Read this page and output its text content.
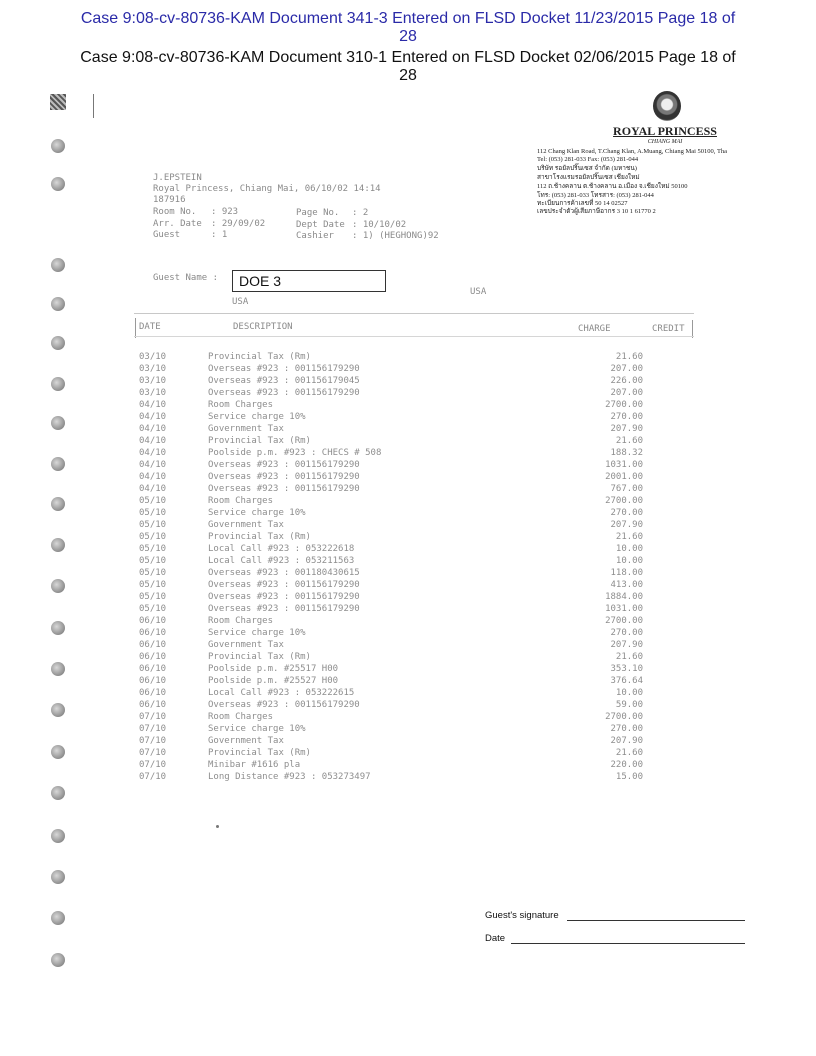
Case 9:08-cv-80736-KAM Document 341-3 Entered on FLSD Docket 11/23/2015 Page 18 of
28
Case 9:08-cv-80736-KAM Document 310-1 Entered on FLSD Docket 02/06/2015 Page 18 of
28
ROYAL PRINCESS
CHIANG MAI
112 Chang Klan Road, T.Chang Klan, A.Muang, Chiang Mai 50100, Tha
Tel: (053) 281-033 Fax: (053) 281-044
บริษัท รอยัลปริ๊นเซส จำกัด (มหาชน)
สาขาโรงแรมรอยัลปริ๊นเซส เชียงใหม่
112 ถ.ช้างคลาน ต.ช้างคลาน อ.เมือง จ.เชียงใหม่ 50100
โทร: (053) 281-033 โทรสาร: (053) 281-044
ทะเบียนการค้าเลขที่ 50 14 02527
เลขประจำตัวผู้เสียภาษีอากร 3 10 1 61770 2
J.EPSTEIN
Royal Princess, Chiang Mai, 06/10/02 14:14
187916
Room No. : 923	Page No. : 2
Arr. Date : 29/09/02	Dept Date : 10/10/02
Guest	: 1	Cashier : 1) (HEGHONG)92
Guest Name :	DOE 3
USA
USA
DATE	DESCRIPTION	CHARGE	CREDIT
03/10	Provincial Tax (Rm)	21.60
03/10	Overseas #923 : 001156179290	207.00
03/10	Overseas #923 : 001156179045	226.00
03/10	Overseas #923 : 001156179290	207.00
04/10	Room Charges	2700.00
04/10	Service charge 10%	270.00
04/10	Government Tax	207.90
04/10	Provincial Tax (Rm)	21.60
04/10	Poolside p.m. #923 : CHECS # 508	188.32
04/10	Overseas #923 : 001156179290	1031.00
04/10	Overseas #923 : 001156179290	2001.00
04/10	Overseas #923 : 001156179290	767.00
05/10	Room Charges	2700.00
05/10	Service charge 10%	270.00
05/10	Government Tax	207.90
05/10	Provincial Tax (Rm)	21.60
05/10	Local Call #923 : 053222618	10.00
05/10	Local Call #923 : 053211563	10.00
05/10	Overseas #923 : 001180430615	118.00
05/10	Overseas #923 : 001156179290	413.00
05/10	Overseas #923 : 001156179290	1884.00
05/10	Overseas #923 : 001156179290	1031.00
06/10	Room Charges	2700.00
06/10	Service charge 10%	270.00
06/10	Government Tax	207.90
06/10	Provincial Tax (Rm)	21.60
06/10	Poolside p.m. #25517 H00	353.10
06/10	Poolside p.m. #25527 H00	376.64
06/10	Local Call #923 : 053222615	10.00
06/10	Overseas #923 : 001156179290	59.00
07/10	Room Charges	2700.00
07/10	Service charge 10%	270.00
07/10	Government Tax	207.90
07/10	Provincial Tax (Rm)	21.60
07/10	Minibar #1616 pla	220.00
07/10	Long Distance #923 : 053273497	15.00
Guest's signature
Date
